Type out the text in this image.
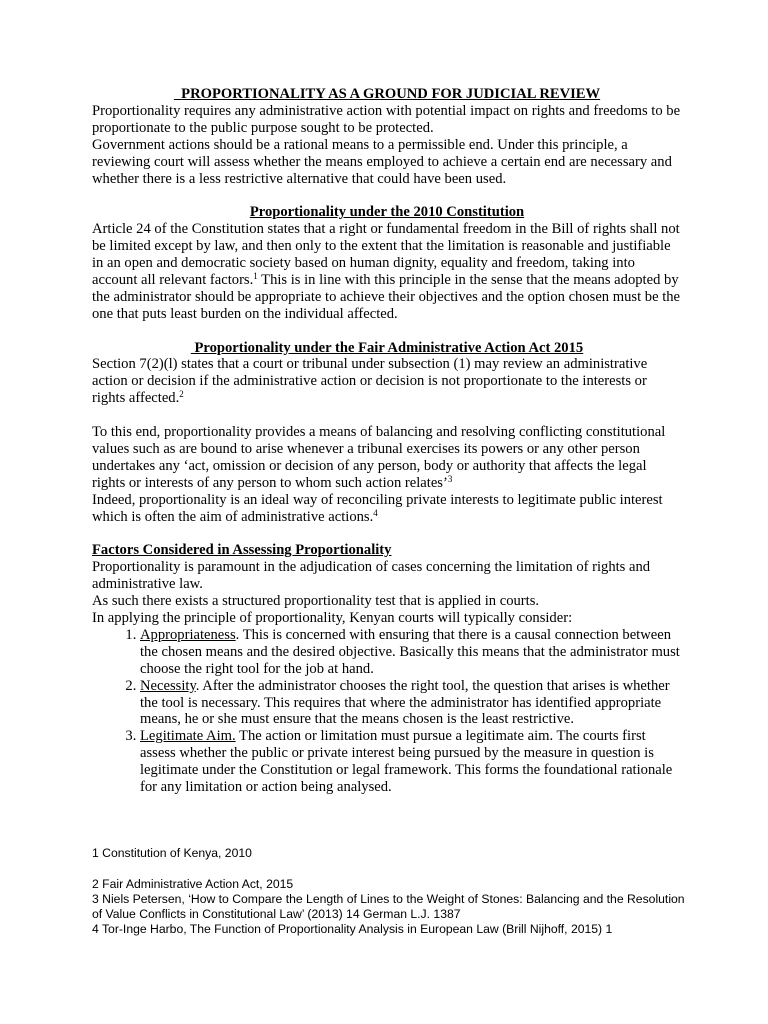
PROPORTIONALITY AS A GROUND FOR JUDICIAL REVIEW

Proportionality requires any administrative action with potential impact on rights and freedoms to be proportionate to the public purpose sought to be protected.

Government actions should be a rational means to a permissible end. Under this principle, a reviewing court will assess whether the means employed to achieve a certain end are necessary and whether there is a less restrictive alternative that could have been used.

Proportionality under the 2010 Constitution

Article 24 of the Constitution states that a right or fundamental freedom in the Bill of rights shall not be limited except by law, and then only to the extent that the limitation is reasonable and justifiable in an open and democratic society based on human dignity, equality and freedom, taking into account all relevant factors.$^1$ This is in line with this principle in the sense that the means adopted by the administrator should be appropriate to achieve their objectives and the option chosen must be the one that puts least burden on the individual affected.

Proportionality under the Fair Administrative Action Act 2015

Section 7(2)(l) states that a court or tribunal under subsection (1) may review an administrative action or decision if the administrative action or decision is not proportionate to the interests or rights affected.$^2$

To this end, proportionality provides a means of balancing and resolving conflicting constitutional values such as are bound to arise whenever a tribunal exercises its powers or any other person undertakes any ‘act, omission or decision of any person, body or authority that affects the legal rights or interests of any person to whom such action relates’$^3$

Indeed, proportionality is an ideal way of reconciling private interests to legitimate public interest which is often the aim of administrative actions.$^4$

Factors Considered in Assessing Proportionality

Proportionality is paramount in the adjudication of cases concerning the limitation of rights and administrative law.

As such there exists a structured proportionality test that is applied in courts.

In applying the principle of proportionality, Kenyan courts will typically consider:

1. Appropriateness. This is concerned with ensuring that there is a causal connection between the chosen means and the desired objective. Basically this means that the administrator must choose the right tool for the job at hand.
2. Necessity. After the administrator chooses the right tool, the question that arises is whether the tool is necessary. This requires that where the administrator has identified appropriate means, he or she must ensure that the means chosen is the least restrictive.
3. Legitimate Aim. The action or limitation must pursue a legitimate aim. The courts first assess whether the public or private interest being pursued by the measure in question is legitimate under the Constitution or legal framework. This forms the foundational rationale for any limitation or action being analysed.

1 Constitution of Kenya, 2010

2 Fair Administrative Action Act, 2015

3 Niels Petersen, ‘How to Compare the Length of Lines to the Weight of Stones: Balancing and the Resolution of Value Conflicts in Constitutional Law’ (2013) 14 German L.J. 1387

4 Tor-Inge Harbo, The Function of Proportionality Analysis in European Law (Brill Nijhoff, 2015) 1
